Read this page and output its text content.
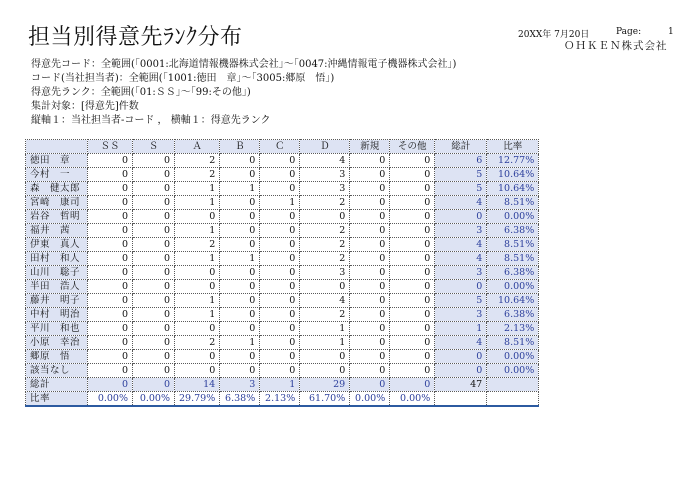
担当別得意先ﾗﾝｸ分布	20XX年 7月20日	Page:	1
ＯＨＫＥＮ株式会社
得意先コード：全範囲(｢0001:北海道情報機器株式会社｣～｢0047:沖縄情報電子機器株式会社｣)
コード(当社担当者)：全範囲(｢1001:徳田　章｣～｢3005:郷原　悟｣)
得意先ランク：全範囲(｢01:ＳＳ｣～｢99:その他｣)
集計対象：[得意先]件数
縦軸１：当社担当者-コード ， 横軸１：得意先ランク
	ＳＳ	Ｓ	Ａ	Ｂ	Ｃ	Ｄ	新規	その他	総計	比率
徳田　章	0	0	2	0	0	4	0	0	6	12.77%
今村　一	0	0	2	0	0	3	0	0	5	10.64%
森　健太郎	0	0	1	1	0	3	0	0	5	10.64%
宮崎　康司	0	0	1	0	1	2	0	0	4	8.51%
岩谷　哲明	0	0	0	0	0	0	0	0	0	0.00%
福井　茜	0	0	1	0	0	2	0	0	3	6.38%
伊東　真人	0	0	2	0	0	2	0	0	4	8.51%
田村　和人	0	0	1	1	0	2	0	0	4	8.51%
山川　聡子	0	0	0	0	0	3	0	0	3	6.38%
半田　浩人	0	0	0	0	0	0	0	0	0	0.00%
藤井　明子	0	0	1	0	0	4	0	0	5	10.64%
中村　明治	0	0	1	0	0	2	0	0	3	6.38%
平川　和也	0	0	0	0	0	1	0	0	1	2.13%
小原　幸治	0	0	2	1	0	1	0	0	4	8.51%
郷原　悟	0	0	0	0	0	0	0	0	0	0.00%
該当なし	0	0	0	0	0	0	0	0	0	0.00%
総計	0	0	14	3	1	29	0	0	47	
比率	0.00%	0.00%	29.79%	6.38%	2.13%	61.70%	0.00%	0.00%		
